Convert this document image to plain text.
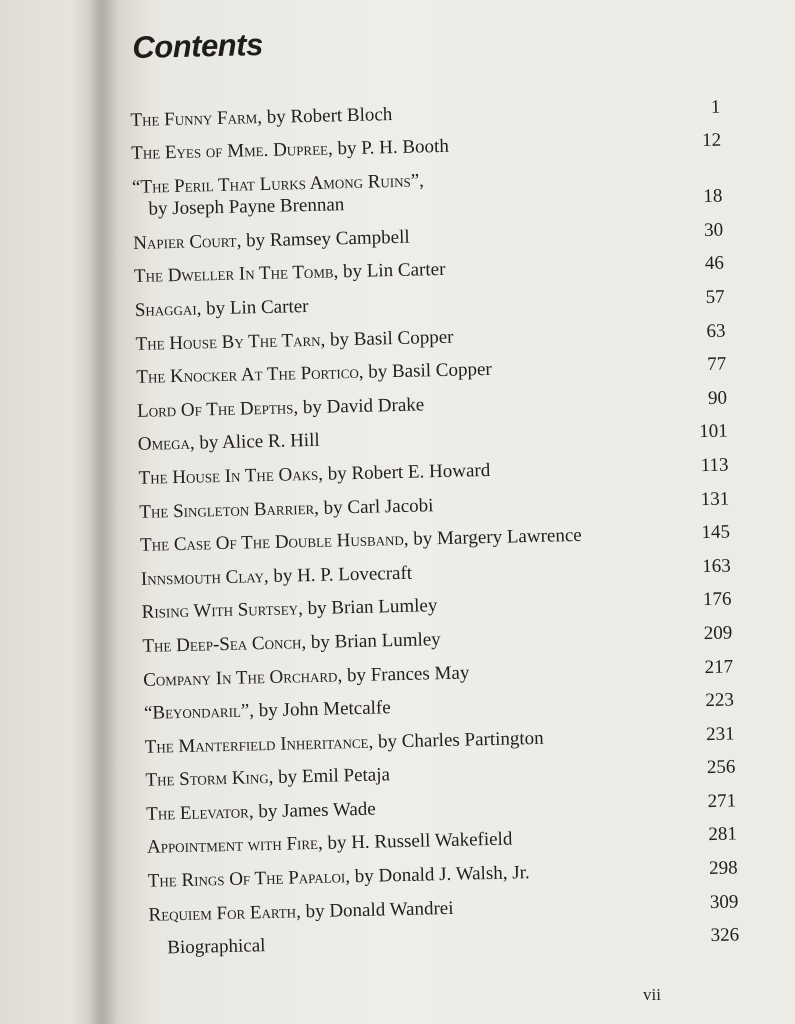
Contents
The Funny Farm, by Robert Bloch	1
The Eyes of Mme. Dupree, by P. H. Booth	12
“The Peril That Lurks Among Ruins”,
by Joseph Payne Brennan	18
Napier Court, by Ramsey Campbell	30
The Dweller In The Tomb, by Lin Carter	46
Shaggai, by Lin Carter	57
The House By The Tarn, by Basil Copper	63
The Knocker At The Portico, by Basil Copper	77
Lord Of The Depths, by David Drake	90
Omega, by Alice R. Hill	101
The House In The Oaks, by Robert E. Howard	113
The Singleton Barrier, by Carl Jacobi	131
The Case Of The Double Husband, by Margery Lawrence	145
Innsmouth Clay, by H. P. Lovecraft	163
Rising With Surtsey, by Brian Lumley	176
The Deep-Sea Conch, by Brian Lumley	209
Company In The Orchard, by Frances May	217
“Beyondaril”, by John Metcalfe	223
The Manterfield Inheritance, by Charles Partington	231
The Storm King, by Emil Petaja	256
The Elevator, by James Wade	271
Appointment with Fire, by H. Russell Wakefield	281
The Rings Of The Papaloi, by Donald J. Walsh, Jr.	298
Requiem For Earth, by Donald Wandrei	309
Biographical	326
vii
